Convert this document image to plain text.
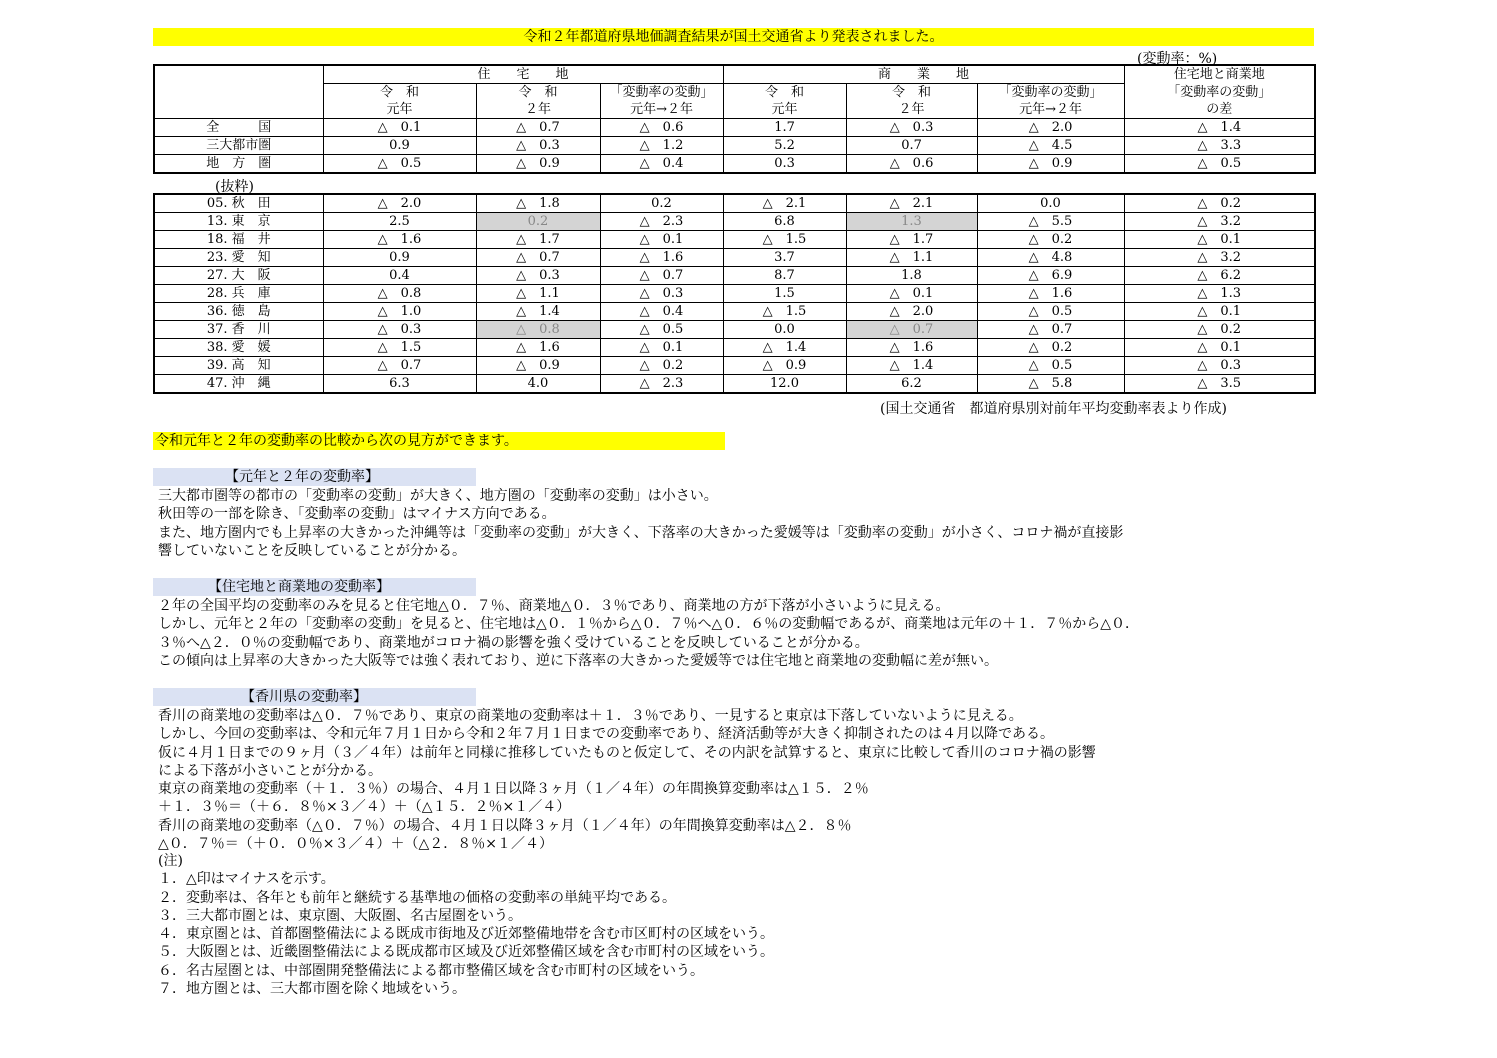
令和２年都道府県地価調査結果が国土交通省より発表されました。
(変動率：%)
	住　　宅　　地			商　　業　　地			住宅地と商業地
	令　和	令　和	「変動率の変動」	令　和	令　和	「変動率の変動」	「変動率の変動」
	元年	２年	元年→２年	元年	２年	元年→２年	の差
全　　　国	△　0.1	△　0.7	△　0.6	1.7	△　0.3	△　2.0	△　1.4
三大都市圏	0.9	△　0.3	△　1.2	5.2	0.7	△　4.5	△　3.3
地　方　圏	△　0.5	△　0.9	△　0.4	0.3	△　0.6	△　0.9	△　0.5
(抜粋)
05. 秋　田	△　2.0	△　1.8	0.2	△　2.1	△　2.1	0.0	△　0.2
13. 東　京	2.5	0.2	△　2.3	6.8	1.3	△　5.5	△　3.2
18. 福　井	△　1.6	△　1.7	△　0.1	△　1.5	△　1.7	△　0.2	△　0.1
23. 愛　知	0.9	△　0.7	△　1.6	3.7	△　1.1	△　4.8	△　3.2
27. 大　阪	0.4	△　0.3	△　0.7	8.7	1.8	△　6.9	△　6.2
28. 兵　庫	△　0.8	△　1.1	△　0.3	1.5	△　0.1	△　1.6	△　1.3
36. 徳　島	△　1.0	△　1.4	△　0.4	△　1.5	△　2.0	△　0.5	△　0.1
37. 香　川	△　0.3	△　0.8	△　0.5	0.0	△　0.7	△　0.7	△　0.2
38. 愛　媛	△　1.5	△　1.6	△　0.1	△　1.4	△　1.6	△　0.2	△　0.1
39. 高　知	△　0.7	△　0.9	△　0.2	△　0.9	△　1.4	△　0.5	△　0.3
47. 沖　縄	6.3	4.0	△　2.3	12.0	6.2	△　5.8	△　3.5
(国土交通省　都道府県別対前年平均変動率表より作成)
令和元年と２年の変動率の比較から次の見方ができます。
【元年と２年の変動率】
三大都市圏等の都市の「変動率の変動」が大きく、地方圏の「変動率の変動」は小さい。
秋田等の一部を除き、「変動率の変動」はマイナス方向である。
また、地方圏内でも上昇率の大きかった沖縄等は「変動率の変動」が大きく、下落率の大きかった愛媛等は「変動率の変動」が小さく、コロナ禍が直接影
響していないことを反映していることが分かる。
【住宅地と商業地の変動率】
２年の全国平均の変動率のみを見ると住宅地△０．７％、商業地△０．３％であり、商業地の方が下落が小さいように見える。
しかし、元年と２年の「変動率の変動」を見ると、住宅地は△０．１％から△０．７％へ△０．６％の変動幅であるが、商業地は元年の＋１．７％から△０．
３％へ△２．０％の変動幅であり、商業地がコロナ禍の影響を強く受けていることを反映していることが分かる。
この傾向は上昇率の大きかった大阪等では強く表れており、逆に下落率の大きかった愛媛等では住宅地と商業地の変動幅に差が無い。
【香川県の変動率】
香川の商業地の変動率は△０．７％であり、東京の商業地の変動率は＋１．３％であり、一見すると東京は下落していないように見える。
しかし、今回の変動率は、令和元年７月１日から令和２年７月１日までの変動率であり、経済活動等が大きく抑制されたのは４月以降である。
仮に４月１日までの９ヶ月（３／４年）は前年と同様に推移していたものと仮定して、その内訳を試算すると、東京に比較して香川のコロナ禍の影響
による下落が小さいことが分かる。
東京の商業地の変動率（＋１．３％）の場合、４月１日以降３ヶ月（１／４年）の年間換算変動率は△１５．２％
＋１．３％＝（＋６．８％×３／４）＋（△１５．２％×１／４）
香川の商業地の変動率（△０．７％）の場合、４月１日以降３ヶ月（１／４年）の年間換算変動率は△２．８％
△０．７％＝（＋０．０％×３／４）＋（△２．８％×１／４）
(注)
１．△印はマイナスを示す。
２．変動率は、各年とも前年と継続する基準地の価格の変動率の単純平均である。
３．三大都市圏とは、東京圏、大阪圏、名古屋圏をいう。
４．東京圏とは、首都圏整備法による既成市街地及び近郊整備地帯を含む市区町村の区域をいう。
５．大阪圏とは、近畿圏整備法による既成都市区域及び近郊整備区域を含む市町村の区域をいう。
６．名古屋圏とは、中部圏開発整備法による都市整備区域を含む市町村の区域をいう。
７．地方圏とは、三大都市圏を除く地域をいう。
